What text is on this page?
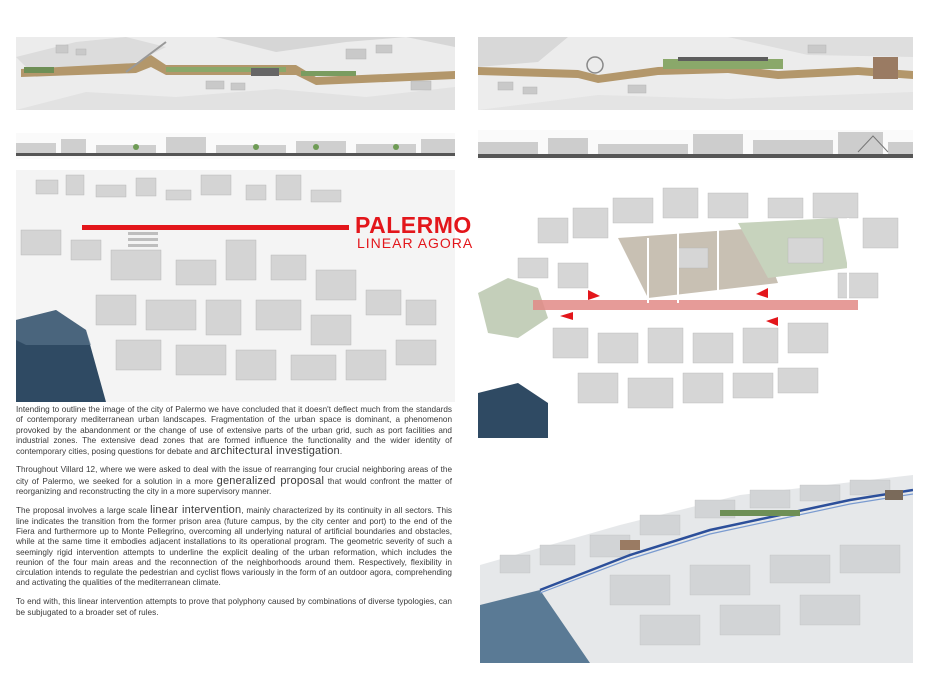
PALERMO
LINEAR AGORA

Intending to outline the image of the city of Palermo we have concluded that it doesn't deflect much from the standards of contemporary mediterranean urban landscapes. Fragmentation of the urban space is dominant, a phenomenon provoked by the abandonment or the change of use of extensive parts of the urban grid, such as port facilities and industrial zones. The extensive dead zones that are formed influence the functionality and the wider identity of contemporary cities, posing questions for debate and architectural investigation.

Throughout Villard 12, where we were asked to deal with the issue of rearranging four crucial neighboring areas of the city of Palermo, we seeked for a solution in a more generalized proposal that would confront the matter of reorganizing and reconstructing the city in a more supervisory manner.

The proposal involves a large scale linear intervention, mainly characterized by its continuity in all sectors. This line indicates the transition from the former prison area (future campus, by the city center and port) to the end of the Fiera and furthermore up to Monte Pellegrino, overcoming all underlying natural of artificial boundaries and obstacles, while at the same time it embodies adjacent installations to its operational program. The geometric severity of such a seemingly rigid intervention attempts to underline the explicit dealing of the urban reformation, which includes the reunion of the four main areas and the reconnection of the neighborhoods around them. Respectively, flexibility in circulation intends to regulate the pedestrian and cyclist flows variously in the form of an outdoor agora, comprehending and activating the qualities of the mediterranean climate.

To end with, this linear intervention attempts to prove that polyphony caused by combinations of diverse typologies, can be subjugated to a broader set of rules.
